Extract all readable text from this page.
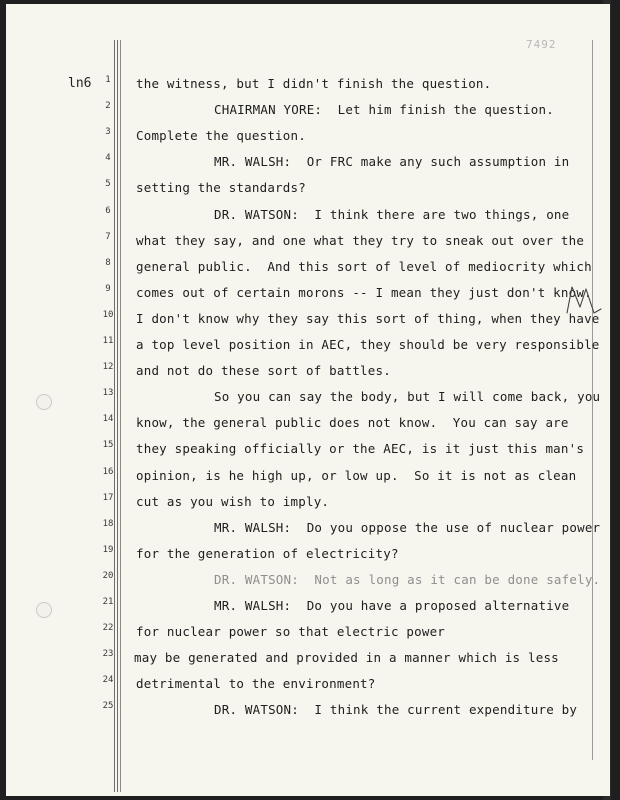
7492
ln6	1	the witness, but I didn't finish the question.
2	CHAIRMAN YORE:  Let him finish the question.
3	Complete the question.
4	MR. WALSH:  Or FRC make any such assumption in
5	setting the standards?
6	DR. WATSON:  I think there are two things, one
7	what they say, and one what they try to sneak out over the
8	general public.  And this sort of level of mediocrity which
9	comes out of certain morons -- I mean they just don't know.
10	I don't know why they say this sort of thing, when they have
11	a top level position in AEC, they should be very responsible
12	and not do these sort of battles.
13	So you can say the body, but I will come back, you
14	know, the general public does not know.  You can say are
15	they speaking officially or the AEC, is it just this man's
16	opinion, is he high up, or low up.  So it is not as clean
17	cut as you wish to imply.
18	MR. WALSH:  Do you oppose the use of nuclear power
19	for the generation of electricity?
20	DR. WATSON:  Not as long as it can be done safely.
21	MR. WALSH:  Do you have a proposed alternative
22	for nuclear power so that electric power
23	may be generated and provided in a manner which is less
24	detrimental to the environment?
25	DR. WATSON:  I think the current expenditure by
